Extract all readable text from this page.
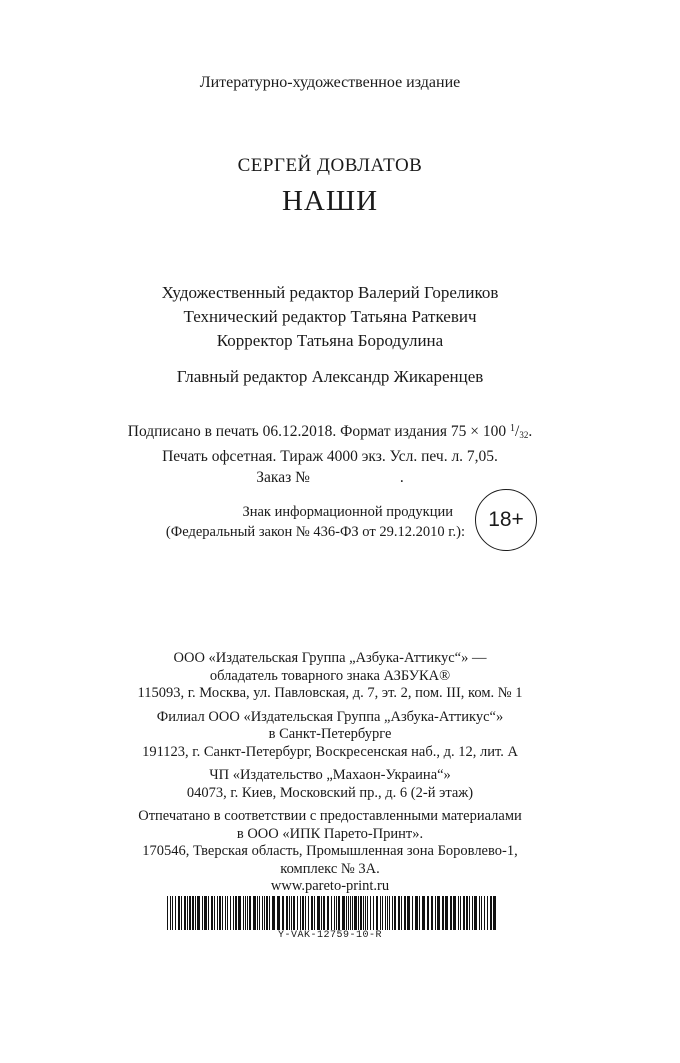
Литературно-художественное издание
СЕРГЕЙ ДОВЛАТОВ
НАШИ
Художественный редактор Валерий Гореликов
Технический редактор Татьяна Раткевич
Корректор Татьяна Бородулина
Главный редактор Александр Жикаренцев
Подписано в печать 06.12.2018. Формат издания 75 × 100 $^1$/32.
Печать офсетная. Тираж 4000 экз. Усл. печ. л. 7,05.
Заказ №	.
Знак информационной продукции
(Федеральный закон № 436-ФЗ от 29.12.2010 г.):
18+
ООО «Издательская Группа „Азбука-Аттикус“» —
обладатель товарного знака АЗБУКА®
115093, г. Москва, ул. Павловская, д. 7, эт. 2, пом. III, ком. № 1
Филиал ООО «Издательская Группа „Азбука-Аттикус“»
в Санкт-Петербурге
191123, г. Санкт-Петербург, Воскресенская наб., д. 12, лит. А
ЧП «Издательство „Махаон-Украина“»
04073, г. Киев, Московский пр., д. 6 (2-й этаж)
Отпечатано в соответствии с предоставленными материалами
в ООО «ИПК Парето-Принт».
170546, Тверская область, Промышленная зона Боровлево-1,
комплекс № 3А.
www.pareto-print.ru
Y-VAK-12759-10-R
